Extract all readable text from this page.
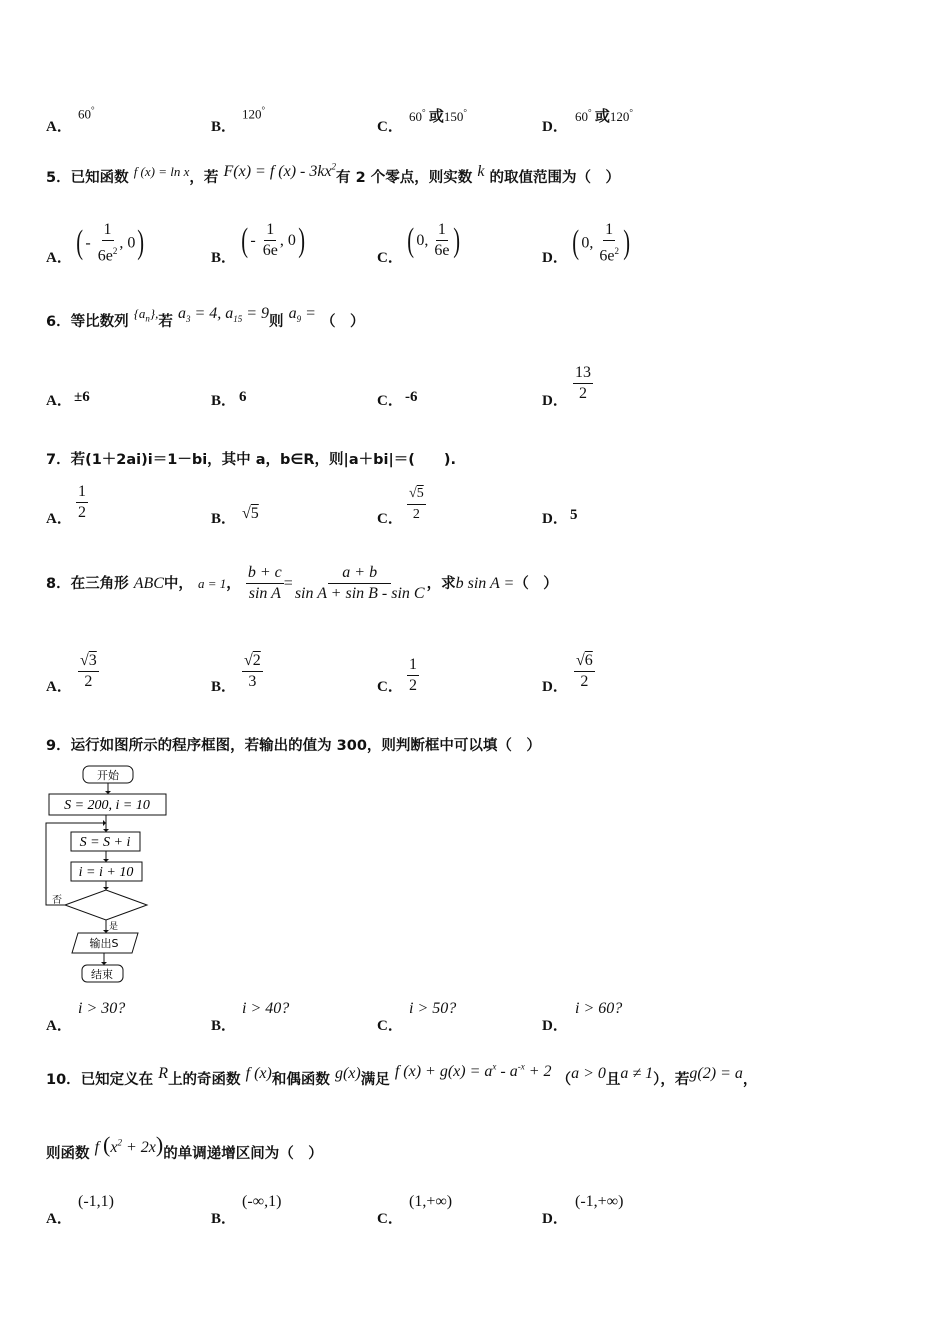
A．
60°
B．
120°
C．
60° 或150°
D．
60° 或120°
5．已知函数 $^{f (x) = ln x}$，若 F(x) = f $(x) - 3kx^2$有 2 个零点，则实数 k 的取值范围为（　）
A． ( - $\frac{1}{6e^2}$ , 0)	B． ( - $\frac{1}{6e}$ , 0)	C． ( 0, $\frac{1}{6e}$ )	D． ( 0, $\frac{1}{6e^2}$ )
6．等比数列 $^{\{a_n\},}$若 $a_3 = 4$, $a_{15} = 9$则 $a_9$ = （　）
A． ±6	B． 6	C． -6	D． $\frac{13}{2}$
7．若(1＋2ai)i＝1－bi，其中 a，b∈R，则|a＋bi|＝(　　).
A． $\frac{1}{2}$	B． √5	C． $\frac{√5}{2}$	D． 5
8．在三角形 ABC中， a = 1， $\frac{b + c}{\text{sin A}} = \frac{a + b}{\text{sin A + sin B - sin C}}$ ，求b sin A =（　）
A． $\frac{√3}{2}$	B． $\frac{√2}{3}$	C． $\frac{1}{2}$	D． $\frac{√6}{2}$
9．运行如图所示的程序框图，若输出的值为 300，则判断框中可以填（　）
开始
S = 200, i = 10
S = S + i
i = i + 10
否
是
输出S
结束
A．
i > 30?
B．
i > 40?
C．
i > 50?
D．
i > 60?
10．已知定义在 R上的奇函数 f (x)和偶函数 g(x)满足 f $(x) + g(x) = a^x - a^{-x} + 2$ （a > 0且a ≠ 1），若g(2) = a，
则函数 f $(x^2 + 2x)$的单调递增区间为（　）
A．
(-1,1)
B．
(-∞,1)
C．
(1,+∞)
D．
(-1,+∞)
